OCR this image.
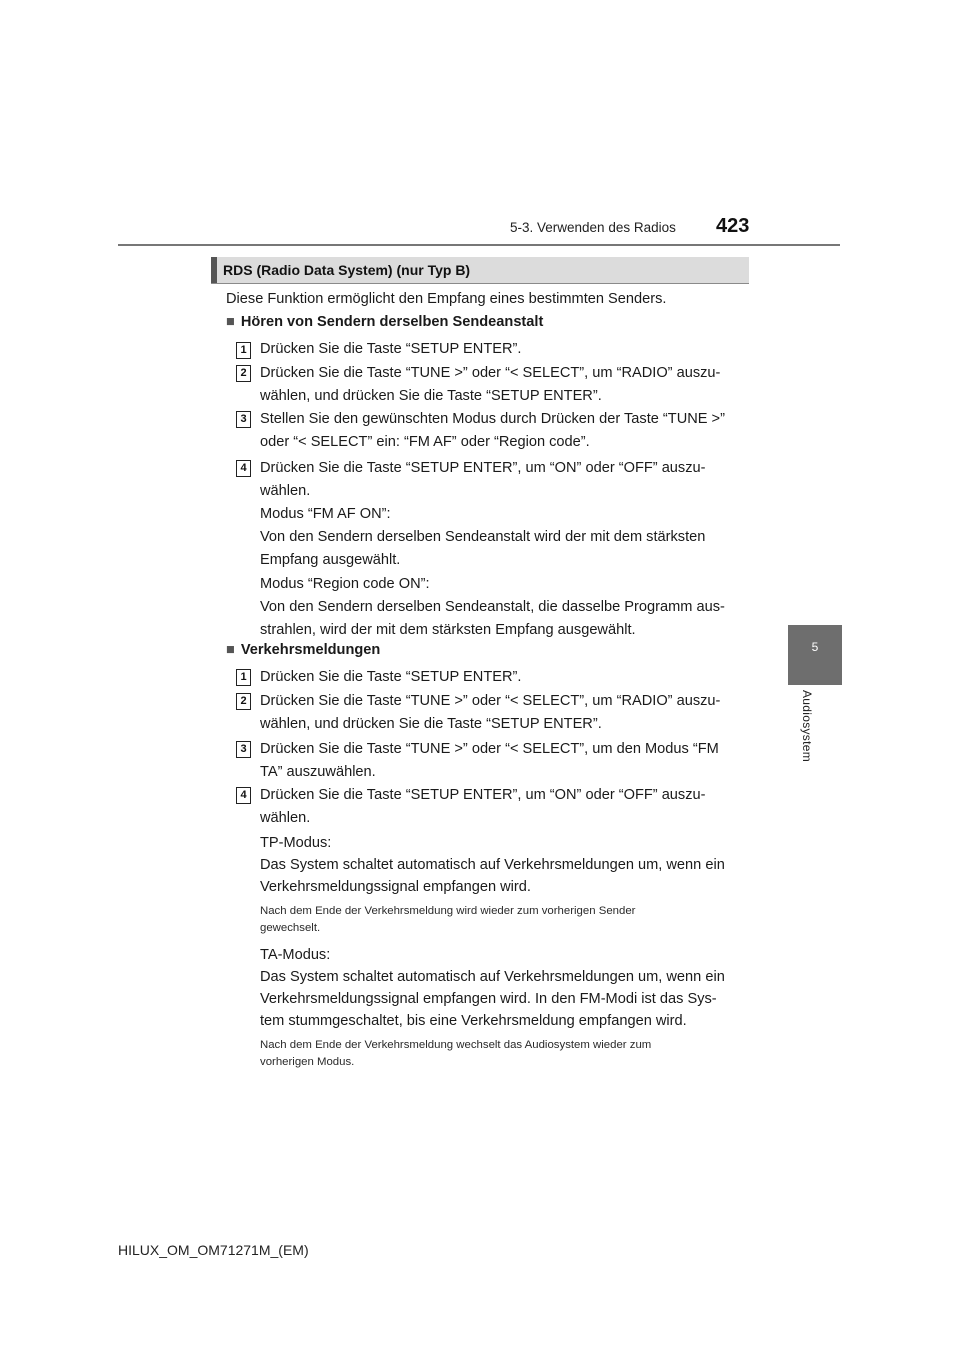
5-3. Verwenden des Radios 423
5
Audiosystem
RDS (Radio Data System) (nur Typ B)
Diese Funktion ermöglicht den Empfang eines bestimmten Senders.
■ Hören von Sendern derselben Sendeanstalt
1 Drücken Sie die Taste “SETUP ENTER”.
2 Drücken Sie die Taste “TUNE >” oder “< SELECT”, um “RADIO” auszu-
wählen, und drücken Sie die Taste “SETUP ENTER”.
3 Stellen Sie den gewünschten Modus durch Drücken der Taste “TUNE >”
oder “< SELECT” ein: “FM AF” oder “Region code”.
4 Drücken Sie die Taste “SETUP ENTER”, um “ON” oder “OFF” auszu-
wählen.
Modus “FM AF ON”:
Von den Sendern derselben Sendeanstalt wird der mit dem stärksten
Empfang ausgewählt.
Modus “Region code ON”:
Von den Sendern derselben Sendeanstalt, die dasselbe Programm aus-
strahlen, wird der mit dem stärksten Empfang ausgewählt.
■ Verkehrsmeldungen
1 Drücken Sie die Taste “SETUP ENTER”.
2 Drücken Sie die Taste “TUNE >” oder “< SELECT”, um “RADIO” auszu-
wählen, und drücken Sie die Taste “SETUP ENTER”.
3 Drücken Sie die Taste “TUNE >” oder “< SELECT”, um den Modus “FM
TA” auszuwählen.
4 Drücken Sie die Taste “SETUP ENTER”, um “ON” oder “OFF” auszu-
wählen.
TP-Modus:
Das System schaltet automatisch auf Verkehrsmeldungen um, wenn ein
Verkehrsmeldungssignal empfangen wird.
Nach dem Ende der Verkehrsmeldung wird wieder zum vorherigen Sender
gewechselt.
TA-Modus:
Das System schaltet automatisch auf Verkehrsmeldungen um, wenn ein
Verkehrsmeldungssignal empfangen wird. In den FM-Modi ist das Sys-
tem stummgeschaltet, bis eine Verkehrsmeldung empfangen wird.
Nach dem Ende der Verkehrsmeldung wechselt das Audiosystem wieder zum
vorherigen Modus.
HILUX_OM_OM71271M_(EM)
